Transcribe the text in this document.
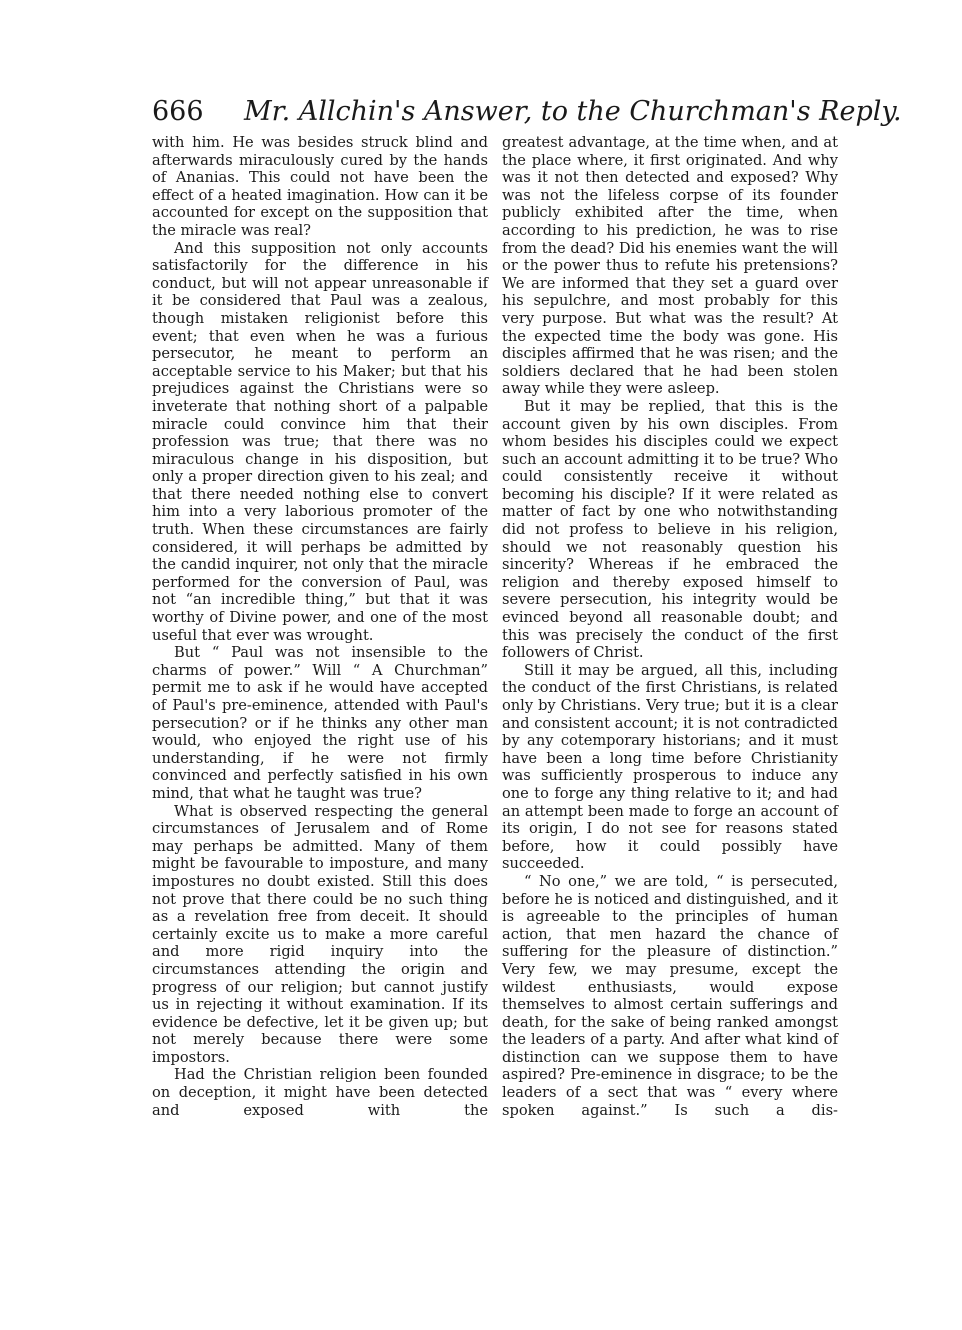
666 Mr. Allchin's Answer, to the Churchman's Reply.

with him. He was besides struck blind and afterwards miraculously cured by the hands of Ananias. This could not have been the effect of a heated imagination. How can it be accounted for except on the supposition that the miracle was real?

And this supposition not only accounts satisfactorily for the difference in his conduct, but will not appear unreasonable if it be considered that Paul was a zealous, though mistaken religionist before this event; that even when he was a furious persecutor, he meant to perform an acceptable service to his Maker; but that his prejudices against the Christians were so inveterate that nothing short of a palpable miracle could convince him that their profession was true; that there was no miraculous change in his disposition, but only a proper direction given to his zeal; and that there needed nothing else to convert him into a very laborious promoter of the truth. When these circumstances are fairly considered, it will perhaps be admitted by the candid inquirer, not only that the miracle performed for the conversion of Paul, was not “an incredible thing,” but that it was worthy of Divine power, and one of the most useful that ever was wrought.

But “ Paul was not insensible to the charms of power.” Will “ A Churchman” permit me to ask if he would have accepted of Paul's pre-eminence, attended with Paul's persecution? or if he thinks any other man would, who enjoyed the right use of his understanding, if he were not firmly convinced and perfectly satisfied in his own mind, that what he taught was true?

What is observed respecting the general circumstances of Jerusalem and of Rome may perhaps be admitted. Many of them might be favourable to imposture, and many impostures no doubt existed. Still this does not prove that there could be no such thing as a revelation free from deceit. It should certainly excite us to make a more careful and more rigid inquiry into the circumstances attending the origin and progress of our religion; but cannot justify us in rejecting it without examination. If its evidence be defective, let it be given up; but not merely because there were some impostors.

Had the Christian religion been founded on deception, it might have been detected and exposed with the

greatest advantage, at the time when, and at the place where, it first originated. And why was it not then detected and exposed? Why was not the lifeless corpse of its founder publicly exhibited after the time, when according to his prediction, he was to rise from the dead? Did his enemies want the will or the power thus to refute his pretensions? We are informed that they set a guard over his sepulchre, and most probably for this very purpose. But what was the result? At the expected time the body was gone. His disciples affirmed that he was risen; and the soldiers declared that he had been stolen away while they were asleep.

But it may be replied, that this is the account given by his own disciples. From whom besides his disciples could we expect such an account admitting it to be true? Who could consistently receive it without becoming his disciple? If it were related as matter of fact by one who notwithstanding did not profess to believe in his religion, should we not reasonably question his sincerity? Whereas if he embraced the religion and thereby exposed himself to severe persecution, his integrity would be evinced beyond all reasonable doubt; and this was precisely the conduct of the first followers of Christ.

Still it may be argued, all this, including the conduct of the first Christians, is related only by Christians. Very true; but it is a clear and consistent account; it is not contradicted by any cotemporary historians; and it must have been a long time before Christianity was sufficiently prosperous to induce any one to forge any thing relative to it; and had an attempt been made to forge an account of its origin, I do not see for reasons stated before, how it could possibly have succeeded.

“ No one,” we are told, “ is persecuted, before he is noticed and distinguished, and it is agreeable to the principles of human action, that men hazard the chance of suffering for the pleasure of distinction.” Very few, we may presume, except the wildest enthusiasts, would expose themselves to almost certain sufferings and death, for the sake of being ranked amongst the leaders of a party. And after what kind of distinction can we suppose them to have aspired? Pre-eminence in disgrace; to be the leaders of a sect that was “ every where spoken against.” Is such a dis-
